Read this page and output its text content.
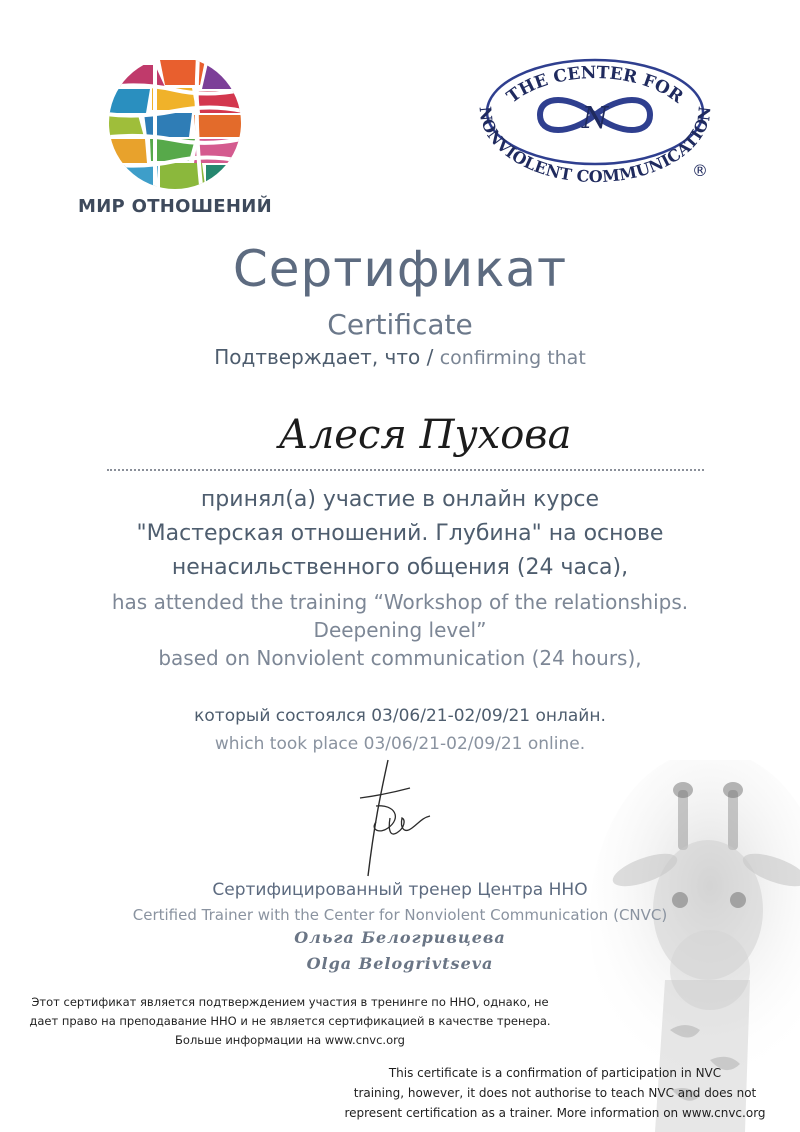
МИР ОТНОШЕНИЙ
THE CENTER FOR
NONVIOLENT COMMUNICATION
N
®
Сертификат
Certificate
Подтверждает, что / confirming that
Алеся Пухова
принял(а) участие в онлайн курсе
"Мастерская отношений. Глубина" на основе
ненасильственного общения (24 часа),
has attended the training “Workshop of the relationships.
Deepening level”
based on Nonviolent communication (24 hours),
который состоялся 03/06/21-02/09/21 онлайн.
which took place 03/06/21-02/09/21 online.
Сертифицированный тренер Центра ННО
Certified Trainer with the Center for Nonviolent Communication (CNVC)
Ольга Белогривцева
Olga Belogrivtseva
Этот сертификат является подтверждением участия в тренинге по ННО, однако, не
дает право на преподавание ННО и не является сертификацией в качестве тренера.
Больше информации на www.cnvc.org
This certificate is a confirmation of participation in NVC
training, however, it does not authorise to teach NVC and does not
represent certification as a trainer. More information on www.cnvc.org
